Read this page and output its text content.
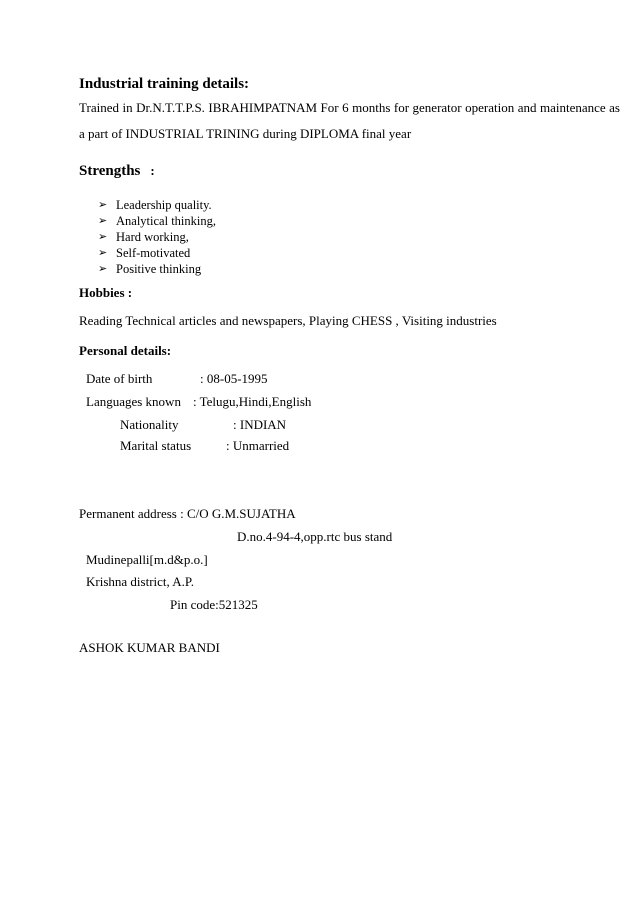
Industrial training details:
Trained in Dr.N.T.T.P.S. IBRAHIMPATNAM For 6 months for generator operation and maintenance as
a part of INDUSTRIAL TRINING during DIPLOMA final year
Strengths :
➢ Leadership quality.
➢ Analytical thinking,
➢ Hard working,
➢ Self-motivated
➢ Positive thinking
Hobbies :
Reading Technical articles and newspapers, Playing CHESS , Visiting industries
Personal details:
Date of birth	: 08-05-1995
Languages known : Telugu,Hindi,English
Nationality	: INDIAN
Marital status	: Unmarried
Permanent address : C/O G.M.SUJATHA
D.no.4-94-4,opp.rtc bus stand
Mudinepalli[m.d&p.o.]
Krishna district, A.P.
Pin code:521325
ASHOK KUMAR BANDI
